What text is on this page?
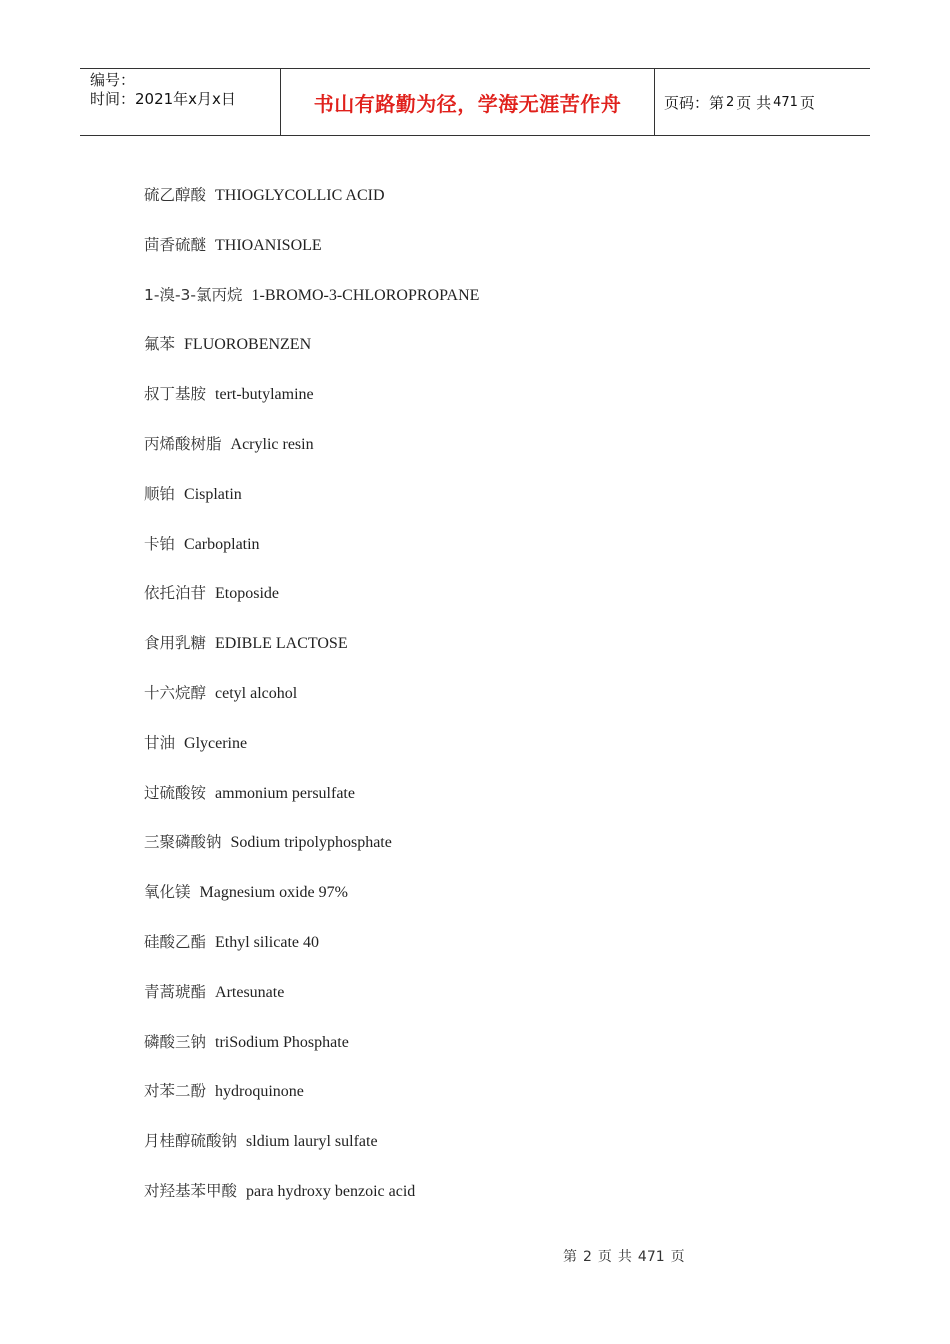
编号：
时间：2021年x月x日	书山有路勤为径，学海无涯苦作舟	页码：第 2 页 共 471 页
硫乙醇酸 THIOGLYCOLLIC ACID
茴香硫醚 THIOANISOLE
1-溴-3-氯丙烷 1-BROMO-3-CHLOROPROPANE
氟苯 FLUOROBENZEN
叔丁基胺 tert-butylamine
丙烯酸树脂 Acrylic resin
顺铂 Cisplatin
卡铂 Carboplatin
依托泊苷 Etoposide
食用乳糖 EDIBLE LACTOSE
十六烷醇 cetyl alcohol
甘油 Glycerine
过硫酸铵 ammonium persulfate
三聚磷酸钠 Sodium tripolyphosphate
氧化镁 Magnesium oxide 97%
硅酸乙酯 Ethyl silicate 40
青蒿琥酯 Artesunate
磷酸三钠 triSodium Phosphate
对苯二酚 hydroquinone
月桂醇硫酸钠 sldium lauryl sulfate
对羟基苯甲酸 para hydroxy benzoic acid
第 2 页 共 471 页
